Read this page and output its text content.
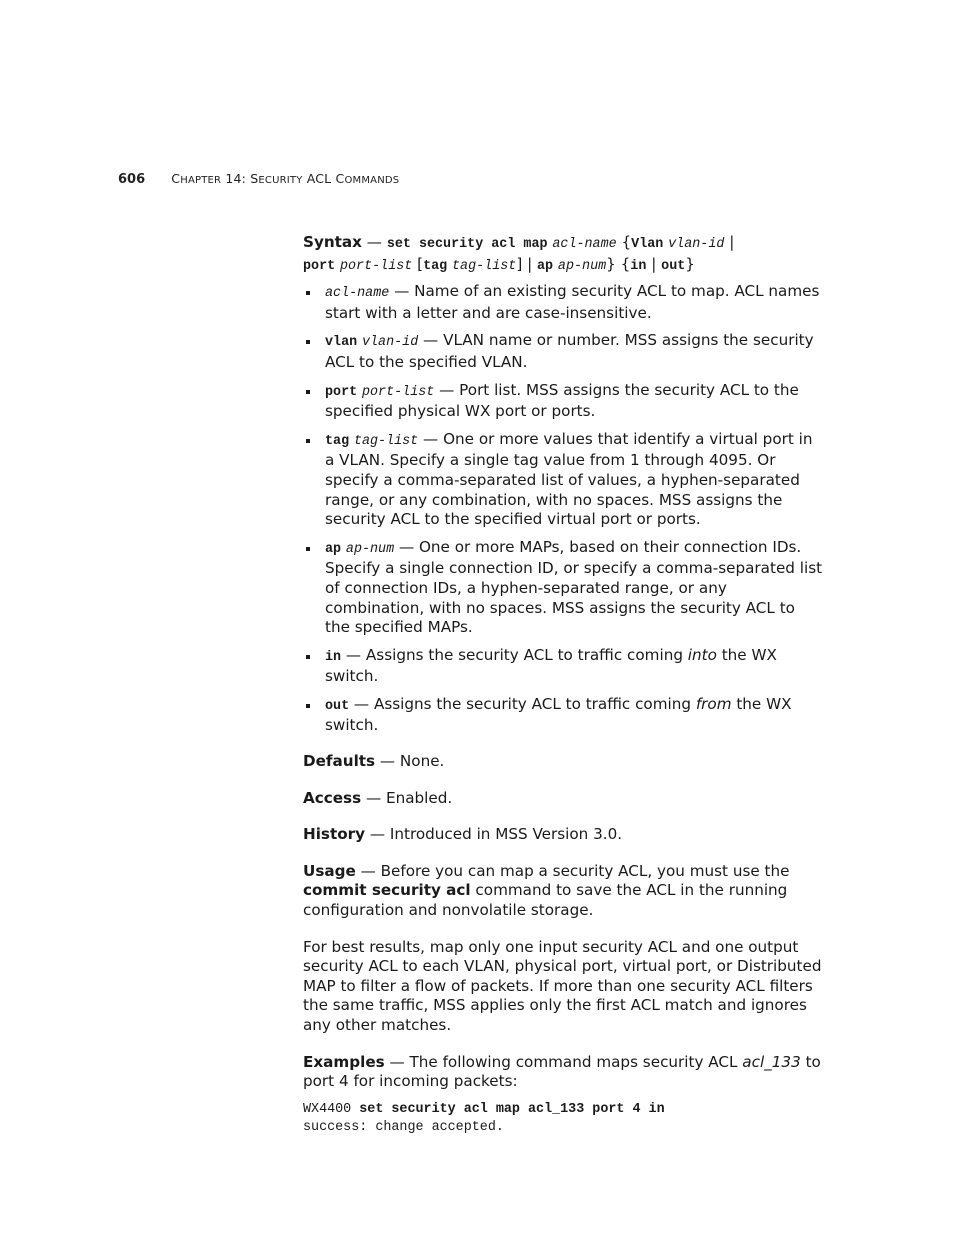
606 CHAPTER 14: SECURITY ACL COMMANDS
Syntax — set security acl map acl-name {Vlan vlan-id |
port port-list [tag tag-list] | ap ap-num} {in | out}
acl-name — Name of an existing security ACL to map. ACL names start with a letter and are case-insensitive.
vlan vlan-id — VLAN name or number. MSS assigns the security ACL to the specified VLAN.
port port-list — Port list. MSS assigns the security ACL to the specified physical WX port or ports.
tag tag-list — One or more values that identify a virtual port in a VLAN. Specify a single tag value from 1 through 4095. Or specify a comma-separated list of values, a hyphen-separated range, or any combination, with no spaces. MSS assigns the security ACL to the specified virtual port or ports.
ap ap-num — One or more MAPs, based on their connection IDs. Specify a single connection ID, or specify a comma-separated list of connection IDs, a hyphen-separated range, or any combination, with no spaces. MSS assigns the security ACL to the specified MAPs.
in — Assigns the security ACL to traffic coming into the WX switch.
out — Assigns the security ACL to traffic coming from the WX switch.

Defaults — None.

Access — Enabled.

History — Introduced in MSS Version 3.0.

Usage — Before you can map a security ACL, you must use the commit security acl command to save the ACL in the running configuration and nonvolatile storage.

For best results, map only one input security ACL and one output security ACL to each VLAN, physical port, virtual port, or Distributed MAP to filter a flow of packets. If more than one security ACL filters the same traffic, MSS applies only the first ACL match and ignores any other matches.

Examples — The following command maps security ACL acl_133 to port 4 for incoming packets:

WX4400 set security acl map acl_133 port 4 in
success: change accepted.
